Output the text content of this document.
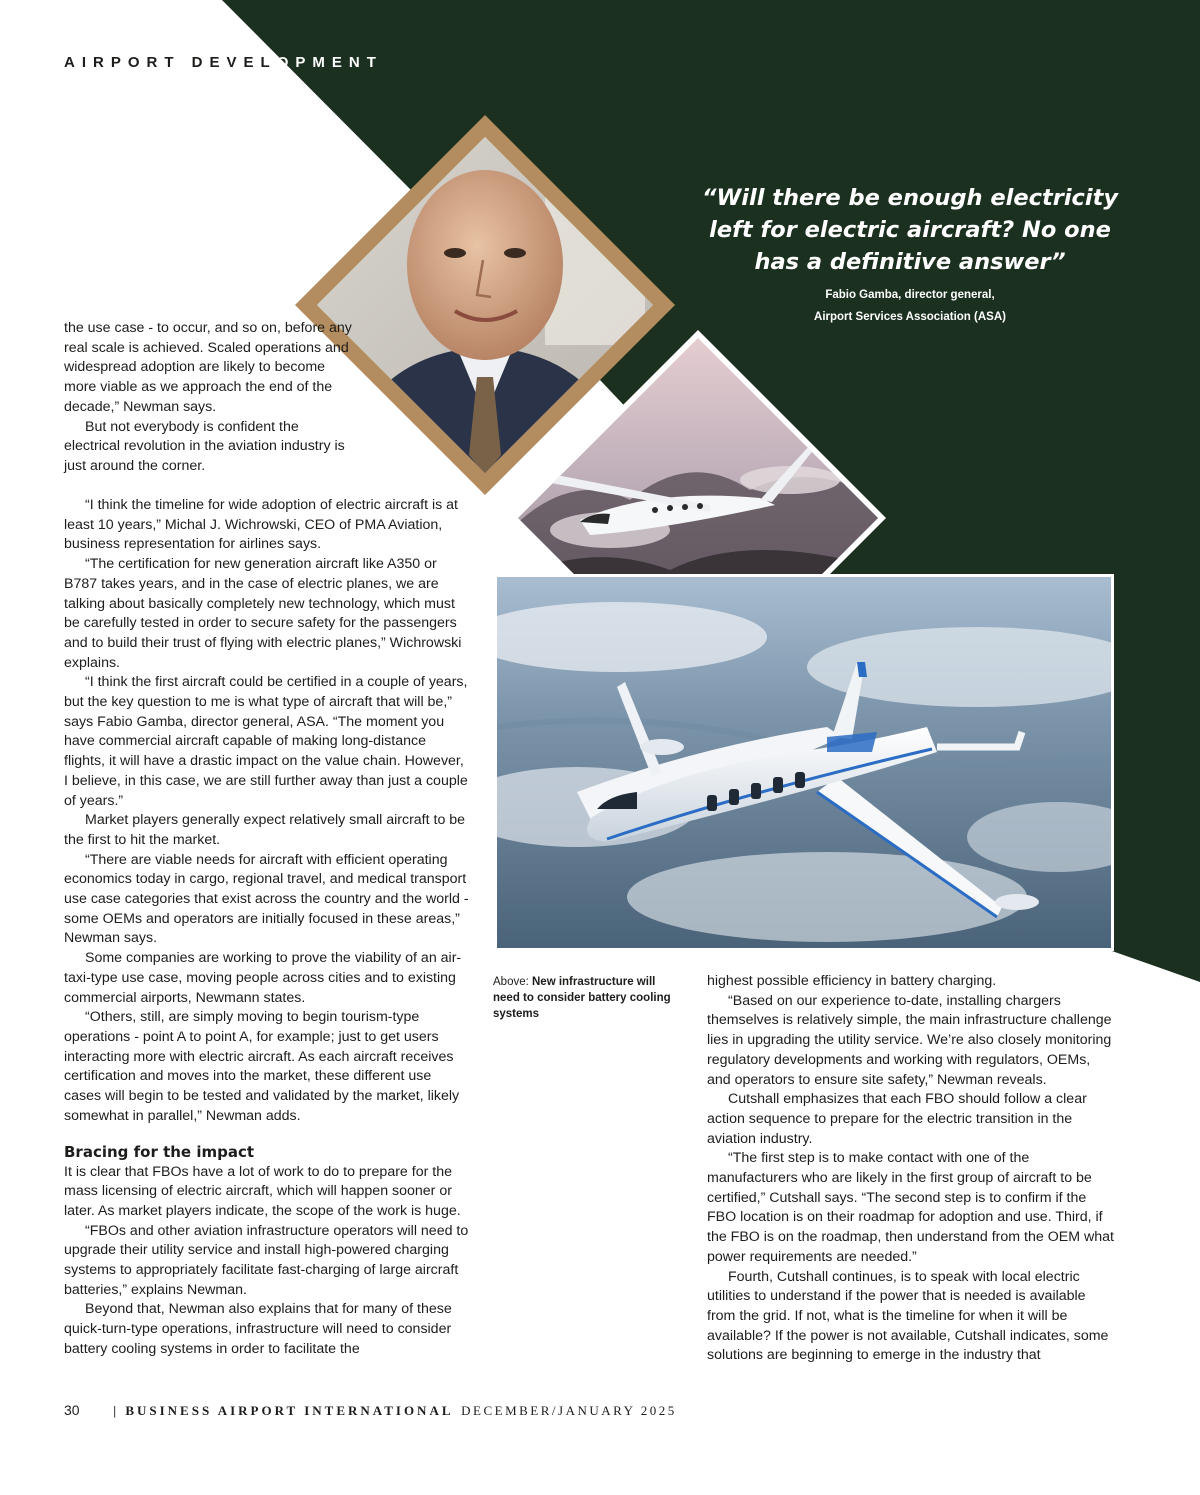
AIRPORT DEVELOPMENT

“Will there be enough electricity left for electric aircraft? No one has a definitive answer”

Fabio Gamba, director general,
Airport Services Association (ASA)

the use case - to occur, and so on, before any real scale is achieved. Scaled operations and widespread adoption are likely to become more viable as we approach the end of the decade,” Newman says.

But not everybody is confident the electrical revolution in the aviation industry is just around the corner.

“I think the timeline for wide adoption of electric aircraft is at least 10 years,” Michal J. Wichrowski, CEO of PMA Aviation, business representation for airlines says.

“The certification for new generation aircraft like A350 or B787 takes years, and in the case of electric planes, we are talking about basically completely new technology, which must be carefully tested in order to secure safety for the passengers and to build their trust of flying with electric planes,” Wichrowski explains.

“I think the first aircraft could be certified in a couple of years, but the key question to me is what type of aircraft that will be,” says Fabio Gamba, director general, ASA. “The moment you have commercial aircraft capable of making long-distance flights, it will have a drastic impact on the value chain. However, I believe, in this case, we are still further away than just a couple of years.”

Market players generally expect relatively small aircraft to be the first to hit the market.

“There are viable needs for aircraft with efficient operating economics today in cargo, regional travel, and medical transport use case categories that exist across the country and the world - some OEMs and operators are initially focused in these areas,” Newman says.

Some companies are working to prove the viability of an air-taxi-type use case, moving people across cities and to existing commercial airports, Newmann states.

“Others, still, are simply moving to begin tourism-type operations - point A to point A, for example; just to get users interacting more with electric aircraft. As each aircraft receives certification and moves into the market, these different use cases will begin to be tested and validated by the market, likely somewhat in parallel,” Newman adds.

Bracing for the impact

It is clear that FBOs have a lot of work to do to prepare for the mass licensing of electric aircraft, which will happen sooner or later. As market players indicate, the scope of the work is huge.

“FBOs and other aviation infrastructure operators will need to upgrade their utility service and install high-powered charging systems to appropriately facilitate fast-charging of large aircraft batteries,” explains Newman.

Beyond that, Newman also explains that for many of these quick-turn-type operations, infrastructure will need to consider battery cooling systems in order to facilitate the

Above: New infrastructure will need to consider battery cooling systems

highest possible efficiency in battery charging.

“Based on our experience to-date, installing chargers themselves is relatively simple, the main infrastructure challenge lies in upgrading the utility service. We’re also closely monitoring regulatory developments and working with regulators, OEMs, and operators to ensure site safety,” Newman reveals.

Cutshall emphasizes that each FBO should follow a clear action sequence to prepare for the electric transition in the aviation industry.

“The first step is to make contact with one of the manufacturers who are likely in the first group of aircraft to be certified,” Cutshall says. “The second step is to confirm if the FBO location is on their roadmap for adoption and use. Third, if the FBO is on the roadmap, then understand from the OEM what power requirements are needed.”

Fourth, Cutshall continues, is to speak with local electric utilities to understand if the power that is needed is available from the grid. If not, what is the timeline for when it will be available? If the power is not available, Cutshall indicates, some solutions are beginning to emerge in the industry that

30	| BUSINESS AIRPORT INTERNATIONAL DECEMBER/JANUARY 2025
